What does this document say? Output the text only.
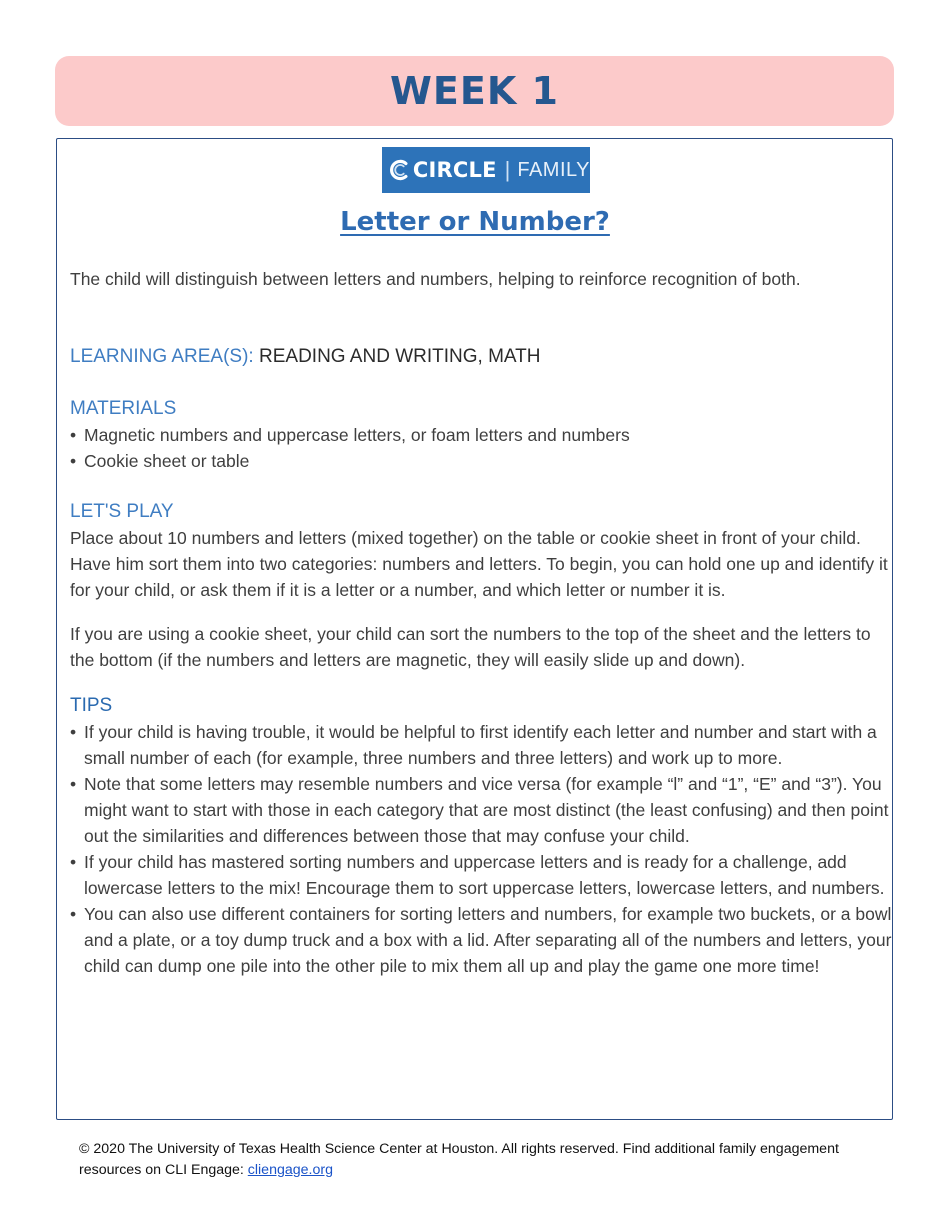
WEEK 1
CIRCLE | FAMILY
Letter or Number?

The child will distinguish between letters and numbers, helping to reinforce recognition of both.

LEARNING AREA(S): READING AND WRITING, MATH

MATERIALS

• Magnetic numbers and uppercase letters, or foam letters and numbers
• Cookie sheet or table

LET'S PLAY

Place about 10 numbers and letters (mixed together) on the table or cookie sheet in front of your child. Have him sort them into two categories: numbers and letters. To begin, you can hold one up and identify it for your child, or ask them if it is a letter or a number, and which letter or number it is.

If you are using a cookie sheet, your child can sort the numbers to the top of the sheet and the letters to the bottom (if the numbers and letters are magnetic, they will easily slide up and down).

TIPS

• If your child is having trouble, it would be helpful to first identify each letter and number and start with a small number of each (for example, three numbers and three letters) and work up to more.
• Note that some letters may resemble numbers and vice versa (for example “l” and “1”, “E” and “3”). You might want to start with those in each category that are most distinct (the least confusing) and then point out the similarities and differences between those that may confuse your child.
• If your child has mastered sorting numbers and uppercase letters and is ready for a challenge, add lowercase letters to the mix! Encourage them to sort uppercase letters, lowercase letters, and numbers.
• You can also use different containers for sorting letters and numbers, for example two buckets, or a bowl and a plate, or a toy dump truck and a box with a lid. After separating all of the numbers and letters, your child can dump one pile into the other pile to mix them all up and play the game one more time!
© 2020 The University of Texas Health Science Center at Houston. All rights reserved. Find additional family engagement resources on CLI Engage: cliengage.org
